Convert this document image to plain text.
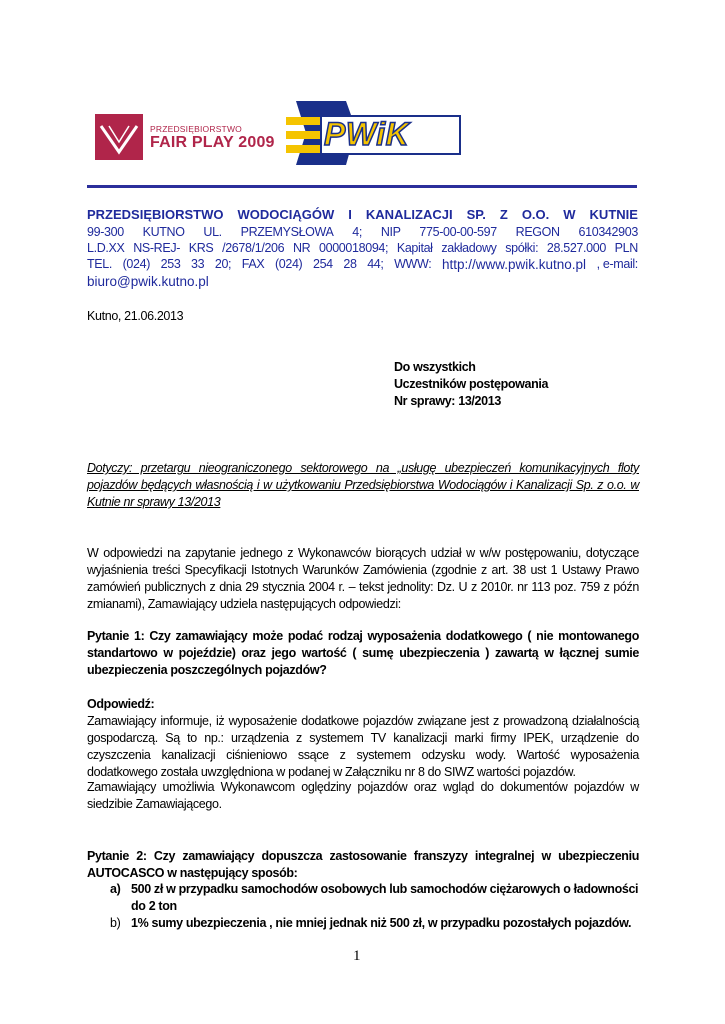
PRZEDSIĘBIORSTWO
FAIR PLAY 2009 PWiK
PRZEDSIĘBIORSTWO WODOCIĄGÓW I KANALIZACJI SP. Z O.O. W KUTNIE
99-300 KUTNO UL. PRZEMYSŁOWA 4; NIP 775-00-00-597 REGON 610342903
L.D.XX NS-REJ- KRS /2678/1/206 NR 0000018094; Kapitał zakładowy spółki: 28.527.000 PLN
TEL. (024) 253 33 20; FAX (024) 254 28 44; WWW: http://www.pwik.kutno.pl , e-mail:
biuro@pwik.kutno.pl
Kutno, 21.06.2013
Do wszystkich
Uczestników postępowania
Nr sprawy: 13/2013
Dotyczy: przetargu nieograniczonego sektorowego na „usługę ubezpieczeń komunikacyjnych floty pojazdów będących własnością i w użytkowaniu Przedsiębiorstwa Wodociągów i Kanalizacji Sp. z o.o. w Kutnie nr sprawy 13/2013
W odpowiedzi na zapytanie jednego z Wykonawców biorących udział w w/w postępowaniu, dotyczące wyjaśnienia treści Specyfikacji Istotnych Warunków Zamówienia (zgodnie z art. 38 ust 1 Ustawy Prawo zamówień publicznych z dnia 29 stycznia 2004 r. – tekst jednolity: Dz. U z 2010r. nr 113 poz. 759 z późn zmianami), Zamawiający udziela następujących odpowiedzi:
Pytanie 1: Czy zamawiający może podać rodzaj wyposażenia dodatkowego ( nie montowanego standartowo w pojeździe) oraz jego wartość ( sumę ubezpieczenia ) zawartą w łącznej sumie ubezpieczenia poszczególnych pojazdów?
Odpowiedź:
Zamawiający informuje, iż wyposażenie dodatkowe pojazdów związane jest z prowadzoną działalnością gospodarczą. Są to np.: urządzenia z systemem TV kanalizacji marki firmy IPEK, urządzenie do czyszczenia kanalizacji ciśnieniowo ssące z systemem odzysku wody. Wartość wyposażenia dodatkowego została uwzględniona w podanej w Załączniku nr 8 do SIWZ wartości pojazdów.
Zamawiający umożliwia Wykonawcom oględziny pojazdów oraz wgląd do dokumentów pojazdów w siedzibie Zamawiającego.
Pytanie 2: Czy zamawiający dopuszcza zastosowanie franszyzy integralnej w ubezpieczeniu AUTOCASCO w następujący sposób:
a) 500 zł w przypadku samochodów osobowych lub samochodów ciężarowych o ładowności do 2 ton
b) 1% sumy ubezpieczenia , nie mniej jednak niż 500 zł, w przypadku pozostałych pojazdów.
1
